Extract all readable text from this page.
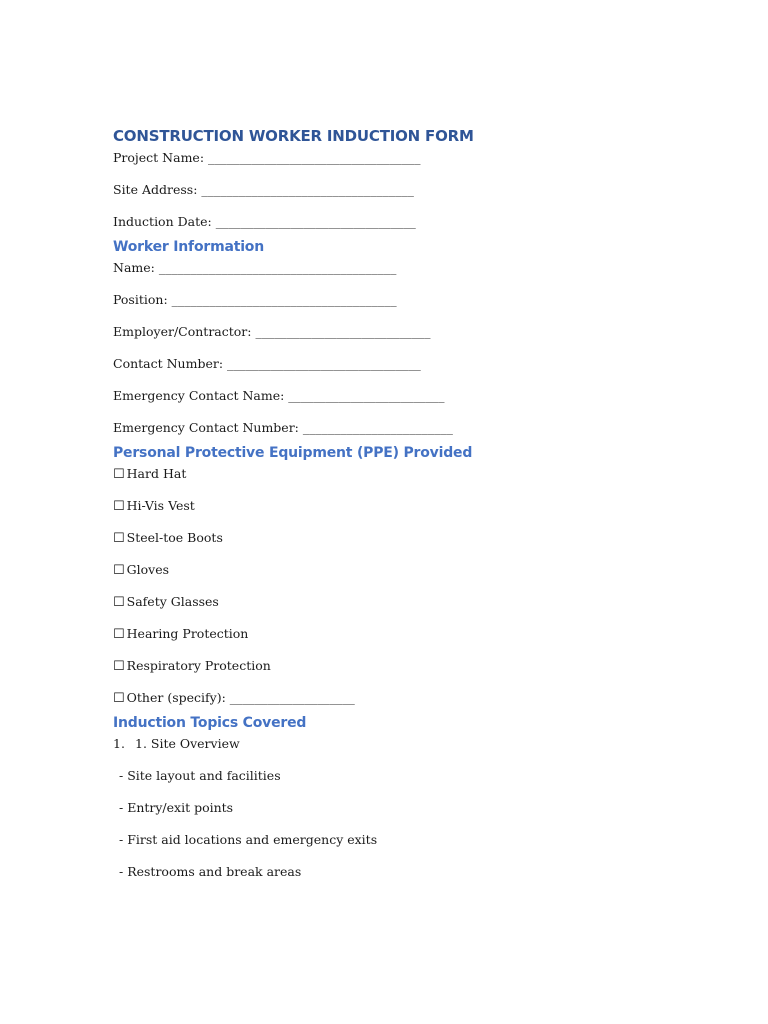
CONSTRUCTION WORKER INDUCTION FORM
Project Name: __________________________________
Site Address: __________________________________
Induction Date: ________________________________
Worker Information
Name: ______________________________________
Position: ____________________________________
Employer/Contractor: ____________________________
Contact Number: _______________________________
Emergency Contact Name: _________________________
Emergency Contact Number: ________________________
Personal Protective Equipment (PPE) Provided
☐ Hard Hat
☐ Hi-Vis Vest
☐ Steel-toe Boots
☐ Gloves
☐ Safety Glasses
☐ Hearing Protection
☐ Respiratory Protection
☐ Other (specify): ____________________
Induction Topics Covered
1. 1. Site Overview
- Site layout and facilities
- Entry/exit points
- First aid locations and emergency exits
- Restrooms and break areas
